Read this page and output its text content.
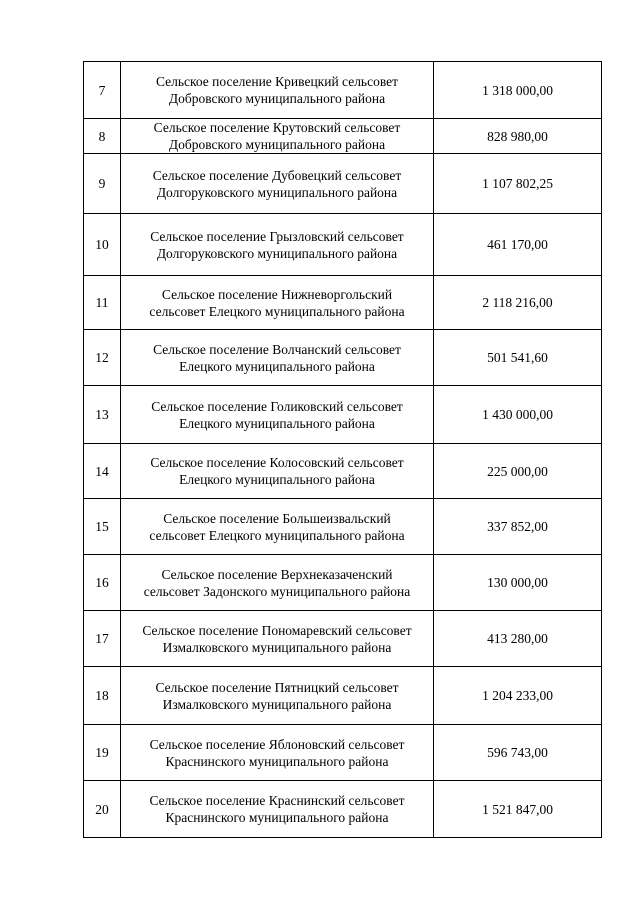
7	Сельское поселение Кривецкий сельсовет
Добровского муниципального района	1 318 000,00
8	Сельское поселение Крутовский сельсовет
Добровского муниципального района	828 980,00
9	Сельское поселение Дубовецкий сельсовет
Долгоруковского муниципального района	1 107 802,25
10	Сельское поселение Грызловский сельсовет
Долгоруковского муниципального района	461 170,00
11	Сельское поселение Нижневоргольский
сельсовет Елецкого муниципального района	2 118 216,00
12	Сельское поселение Волчанский сельсовет
Елецкого муниципального района	501 541,60
13	Сельское поселение Голиковский сельсовет
Елецкого муниципального района	1 430 000,00
14	Сельское поселение Колосовский сельсовет
Елецкого муниципального района	225 000,00
15	Сельское поселение Большеизвальский
сельсовет Елецкого муниципального района	337 852,00
16	Сельское поселение Верхнеказаченский
сельсовет Задонского муниципального района	130 000,00
17	Сельское поселение Пономаревский сельсовет
Измалковского муниципального района	413 280,00
18	Сельское поселение Пятницкий сельсовет
Измалковского муниципального района	1 204 233,00
19	Сельское поселение Яблоновский сельсовет
Краснинского муниципального района	596 743,00
20	Сельское поселение Краснинский сельсовет
Краснинского муниципального района	1 521 847,00
